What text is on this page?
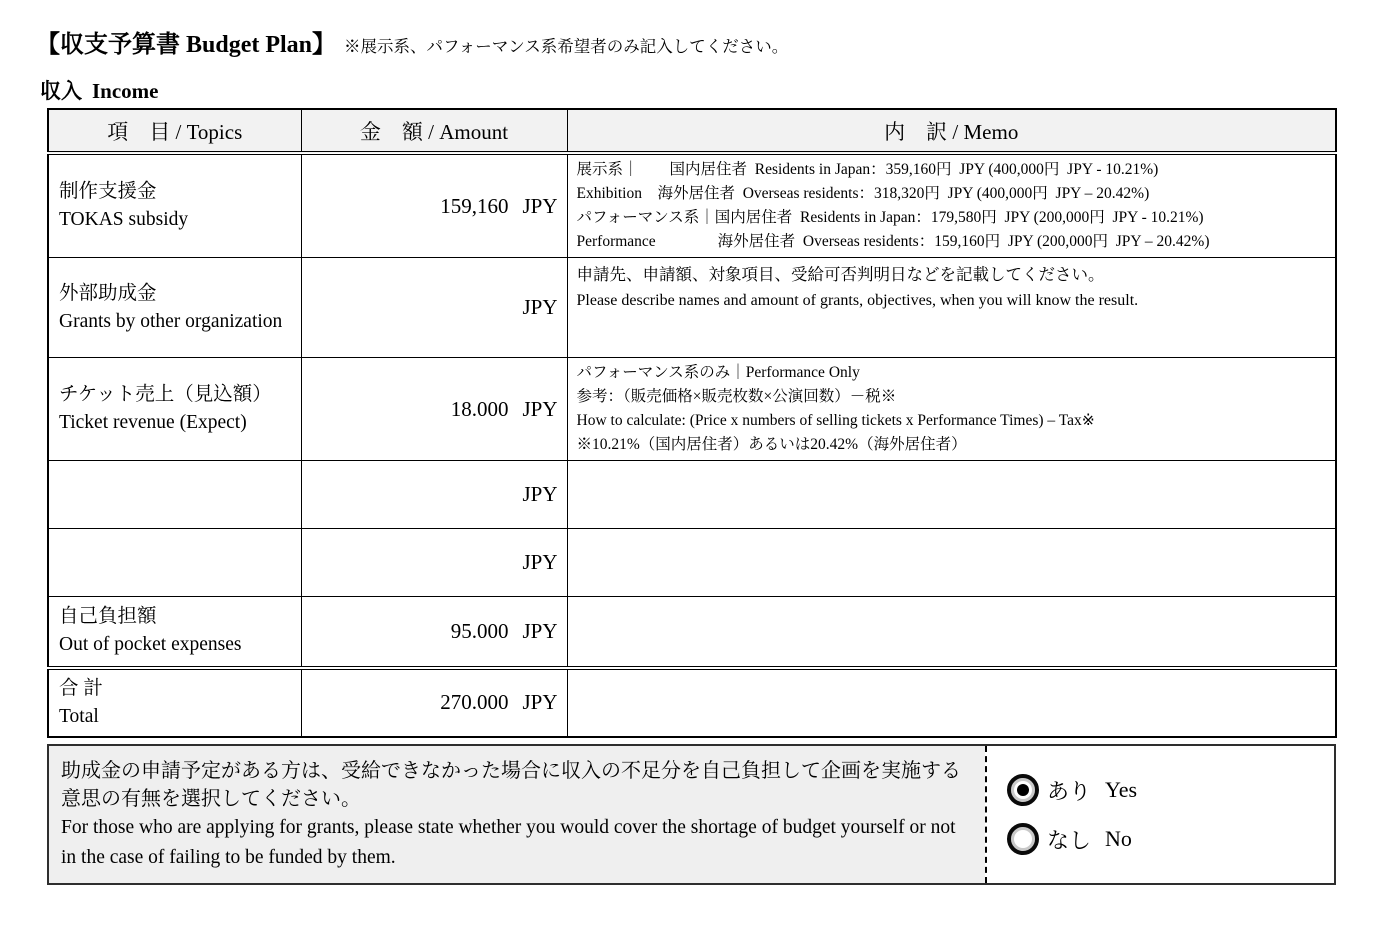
【収支予算書 Budget Plan】 ※展示系、パフォーマンス系希望者のみ記入してください。
収入 Income
項　目 / Topics	金　額 / Amount	内　訳 / Memo
制作支援金
TOKAS subsidy	159,160 JPY	展示系｜　　国内居住者  Residents in Japan：359,160円  JPY (400,000円  JPY - 10.21%)
Exhibition　海外居住者  Overseas residents：318,320円  JPY (400,000円  JPY – 20.42%)
パフォーマンス系｜国内居住者  Residents in Japan：179,580円  JPY (200,000円  JPY - 10.21%)
Performance　　　　海外居住者  Overseas residents：159,160円  JPY (200,000円  JPY – 20.42%)

外部助成金
Grants by other organization	JPY	申請先、申請額、対象項目、受給可否判明日などを記載してください。
Please describe names and amount of grants, objectives, when you will know the result.

チケット売上（見込額）
Ticket revenue (Expect)	18.000 JPY	パフォーマンス系のみ｜Performance Only
参考：（販売価格×販売枚数×公演回数）－税※
How to calculate: (Price x numbers of selling tickets x Performance Times) – Tax※
※10.21%（国内居住者）あるいは20.42%（海外居住者）

	JPY	
	JPY	
自己負担額
Out of pocket expenses	95.000 JPY	
合 計
Total	270.000 JPY	
助成金の申請予定がある方は、受給できなかった場合に収入の不足分を自己負担して企画を実施する意思の有無を選択してください。
For those who are applying for grants, please state whether you would cover the shortage of budget yourself or not in the case of failing to be funded by them.
あり Yes
なし No
